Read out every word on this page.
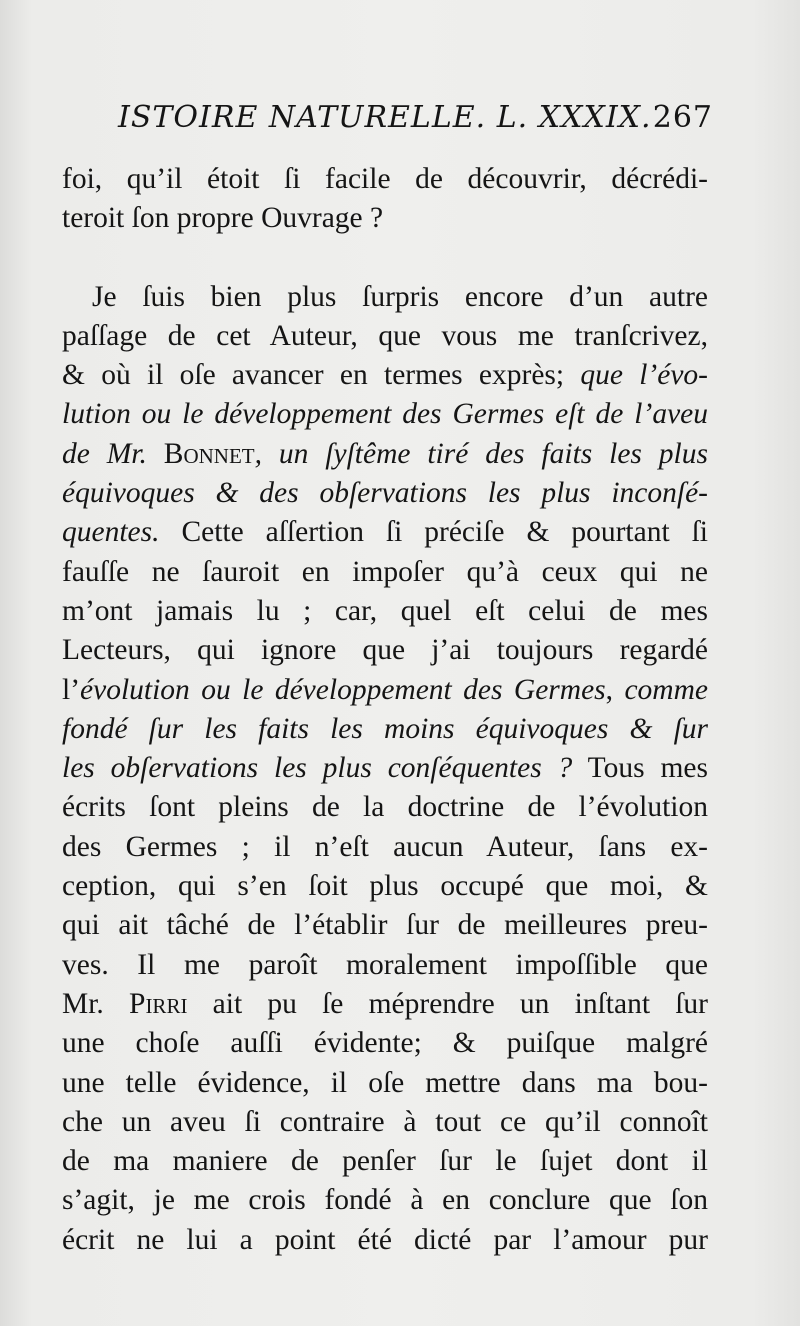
ISTOIRE NATURELLE. L. XXXIX. 267
foi, qu’il étoit ſi facile de découvrir, décrédi-
teroit ſon propre Ouvrage ?
Je ſuis bien plus ſurpris encore d’un autre
paſſage de cet Auteur, que vous me tranſcrivez,
& où il oſe avancer en termes exprès; que l’évo-
lution ou le développement des Germes eſt de l’aveu
de Mr. Bonnet, un ſyſtême tiré des faits les plus
équivoques & des obſervations les plus inconſé-
quentes. Cette aſſertion ſi préciſe & pourtant ſi
fauſſe ne ſauroit en impoſer qu’à ceux qui ne
m’ont jamais lu ; car, quel eſt celui de mes
Lecteurs, qui ignore que j’ai toujours regardé
l’évolution ou le développement des Germes, comme
fondé ſur les faits les moins équivoques & ſur
les obſervations les plus conſéquentes ? Tous mes
écrits ſont pleins de la doctrine de l’évolution
des Germes ; il n’eſt aucun Auteur, ſans ex-
ception, qui s’en ſoit plus occupé que moi, &
qui ait tâché de l’établir ſur de meilleures preu-
ves. Il me paroît moralement impoſſible que
Mr. Pirri ait pu ſe méprendre un inſtant ſur
une choſe auſſi évidente; & puiſque malgré
une telle évidence, il oſe mettre dans ma bou-
che un aveu ſi contraire à tout ce qu’il connoît
de ma maniere de penſer ſur le ſujet dont il
s’agit, je me crois fondé à en conclure que ſon
écrit ne lui a point été dicté par l’amour pur
